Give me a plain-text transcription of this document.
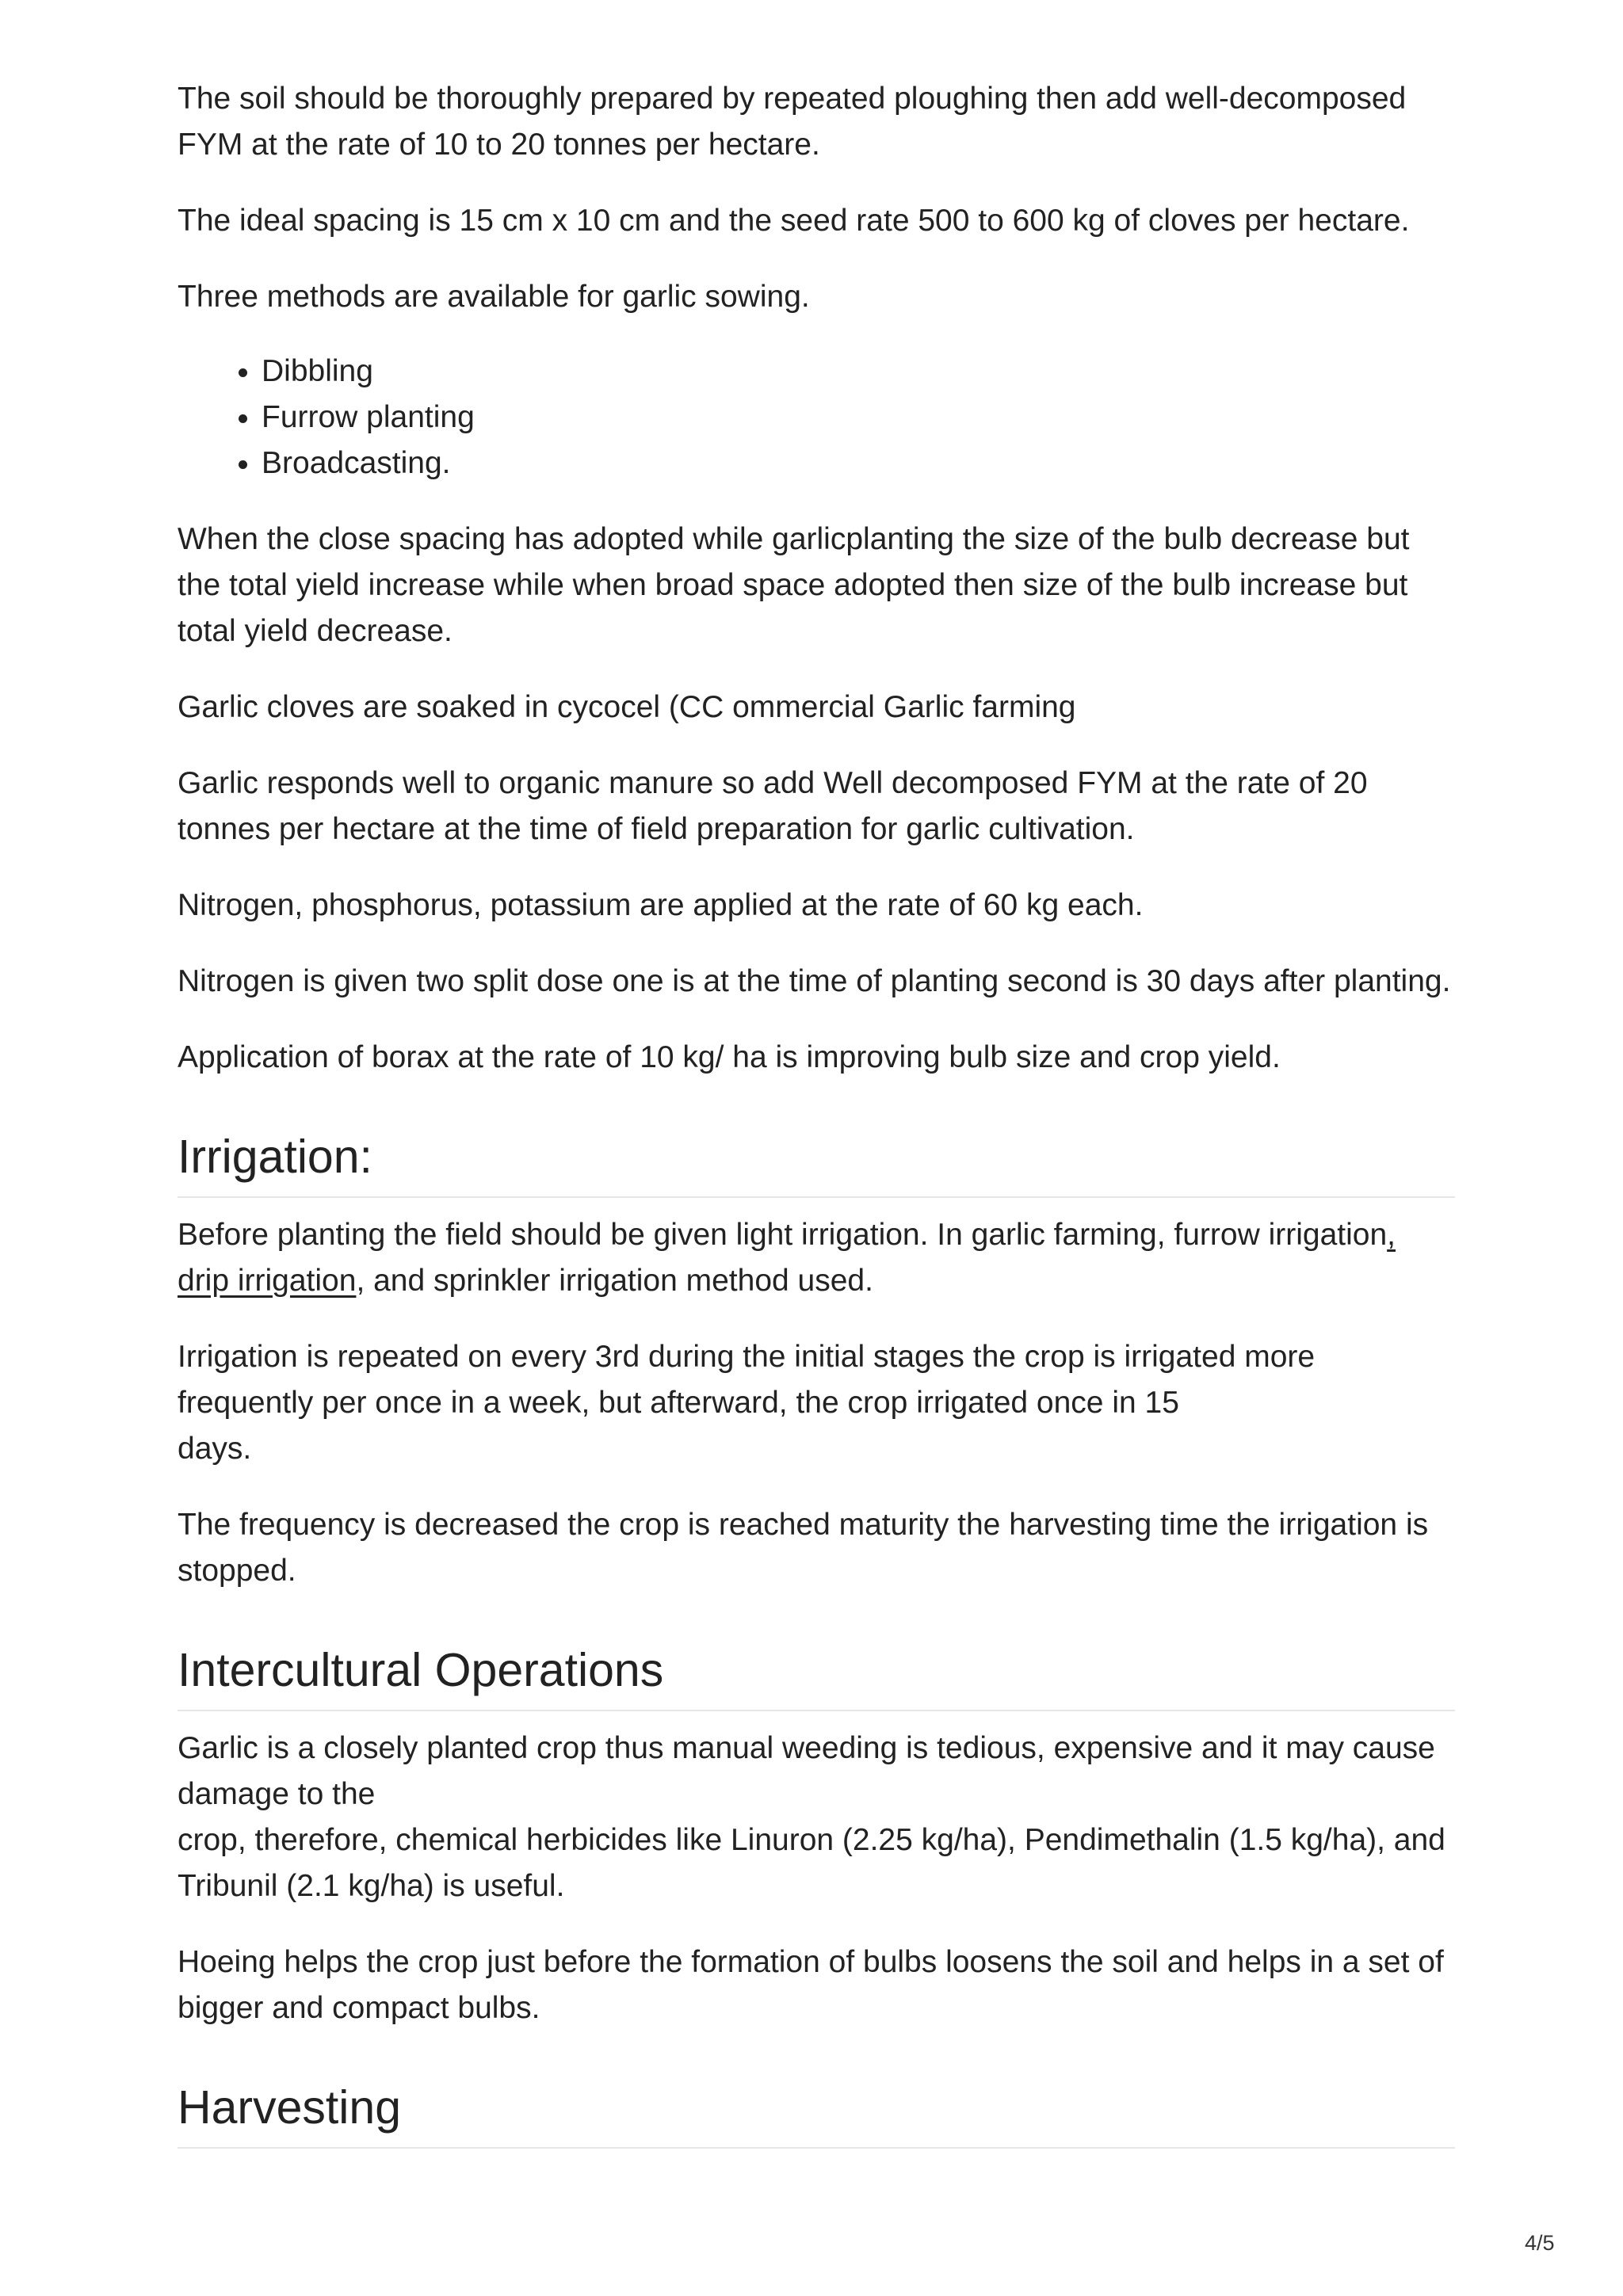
The soil should be thoroughly prepared by repeated ploughing then add well-decomposed FYM at the rate of 10 to 20 tonnes per hectare.

The ideal spacing is 15 cm x 10 cm and the seed rate 500 to 600 kg of cloves per hectare.

Three methods are available for garlic sowing.

• Dibbling
• Furrow planting
• Broadcasting.

When the close spacing has adopted while garlicplanting the size of the bulb decrease but the total yield increase while when broad space adopted then size of the bulb increase but total yield decrease.

Garlic cloves are soaked in cycocel (CC ommercial Garlic farming

Garlic responds well to organic manure so add Well decomposed FYM at the rate of 20 tonnes per hectare at the time of field preparation for garlic cultivation.

Nitrogen, phosphorus, potassium are applied at the rate of 60 kg each.

Nitrogen is given two split dose one is at the time of planting second is 30 days after planting.

Application of borax at the rate of 10 kg/ ha is improving bulb size and crop yield.

Irrigation:

Before planting the field should be given light irrigation. In garlic farming, furrow irrigation, drip irrigation, and sprinkler irrigation method used.

Irrigation is repeated on every 3rd during the initial stages the crop is irrigated more frequently per once in a week, but afterward, the crop irrigated once in 15
days.

The frequency is decreased the crop is reached maturity the harvesting time the irrigation is stopped.

Intercultural Operations

Garlic is a closely planted crop thus manual weeding is tedious, expensive and it may cause damage to the
crop, therefore, chemical herbicides like Linuron (2.25 kg/ha), Pendimethalin (1.5 kg/ha), and Tribunil (2.1 kg/ha) is useful.

Hoeing helps the crop just before the formation of bulbs loosens the soil and helps in a set of bigger and compact bulbs.

Harvesting
4/5
